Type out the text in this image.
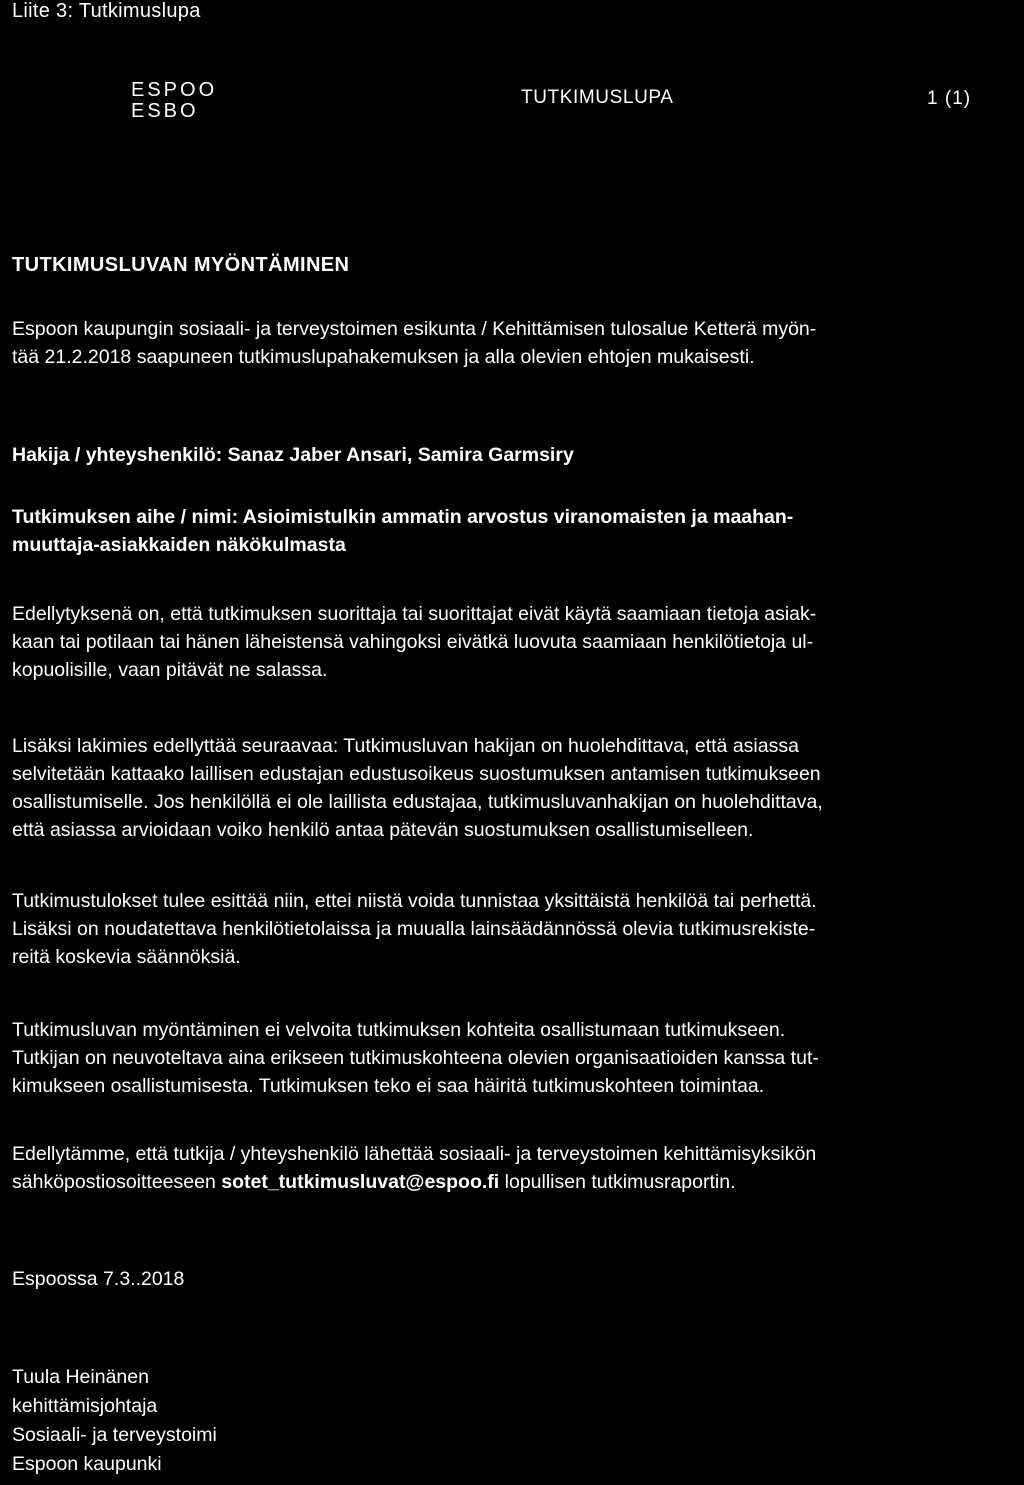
Liite 3: Tutkimuslupa
ESPOO
ESBO
TUTKIMUSLUPA	1 (1)
TUTKIMUSLUVAN MYÖNTÄMINEN
Espoon kaupungin sosiaali- ja terveystoimen esikunta / Kehittämisen tulosalue Ketterä myön-
tää 21.2.2018 saapuneen tutkimuslupahakemuksen ja alla olevien ehtojen mukaisesti.
Hakija / yhteyshenkilö: Sanaz Jaber Ansari, Samira Garmsiry
Tutkimuksen aihe / nimi: Asioimistulkin ammatin arvostus viranomaisten ja maahan-
muuttaja-asiakkaiden näkökulmasta
Edellytyksenä on, että tutkimuksen suorittaja tai suorittajat eivät käytä saamiaan tietoja asiak-
kaan tai potilaan tai hänen läheistensä vahingoksi eivätkä luovuta saamiaan henkilötietoja ul-
kopuolisille, vaan pitävät ne salassa.
Lisäksi lakimies edellyttää seuraavaa: Tutkimusluvan hakijan on huolehdittava, että asiassa
selvitetään kattaako laillisen edustajan edustusoikeus suostumuksen antamisen tutkimukseen
osallistumiselle. Jos henkilöllä ei ole laillista edustajaa, tutkimusluvanhakijan on huolehdittava,
että asiassa arvioidaan voiko henkilö antaa pätevän suostumuksen osallistumiselleen.
Tutkimustulokset tulee esittää niin, ettei niistä voida tunnistaa yksittäistä henkilöä tai perhettä.
Lisäksi on noudatettava henkilötietolaissa ja muualla lainsäädännössä olevia tutkimusrekiste-
reitä koskevia säännöksiä.
Tutkimusluvan myöntäminen ei velvoita tutkimuksen kohteita osallistumaan tutkimukseen.
Tutkijan on neuvoteltava aina erikseen tutkimuskohteena olevien organisaatioiden kanssa tut-
kimukseen osallistumisesta. Tutkimuksen teko ei saa häiritä tutkimuskohteen toimintaa.
Edellytämme, että tutkija / yhteyshenkilö lähettää sosiaali- ja terveystoimen kehittämisyksikön
sähköpostiosoitteeseen sotet_tutkimusluvat@espoo.fi lopullisen tutkimusraportin.
Espoossa 7.3..2018
Tuula Heinänen
kehittämisjohtaja
Sosiaali- ja terveystoimi
Espoon kaupunki
